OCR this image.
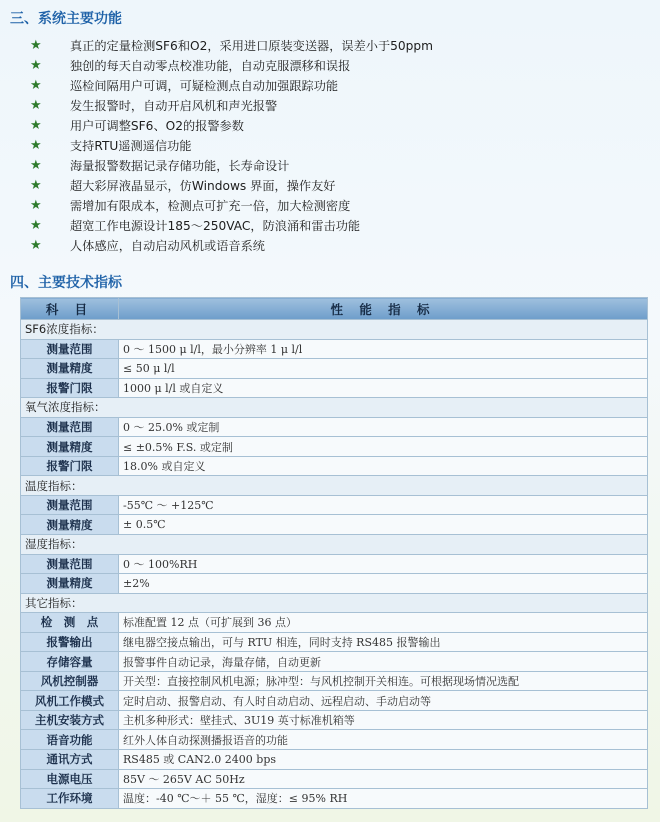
三、系统主要功能
★	真正的定量检测SF6和O2，采用进口原装变送器，误差小于50ppm
★	独创的每天自动零点校准功能，自动克服漂移和误报
★	巡检间隔用户可调，可疑检测点自动加强跟踪功能
★	发生报警时，自动开启风机和声光报警
★	用户可调整SF6、O2的报警参数
★	支持RTU遥测遥信功能
★	海量报警数据记录存储功能，长寿命设计
★	超大彩屏液晶显示，仿Windows 界面，操作友好
★	需增加有限成本，检测点可扩充一倍，加大检测密度
★	超宽工作电源设计185～250VAC，防浪涌和雷击功能
★	人体感应，自动启动风机或语音系统
四、主要技术指标
科 目	性 能 指 标
SF6浓度指标：	
测量范围	0 ～ 1500 μ l/l，最小分辨率 1 μ l/l
测量精度	≤ 50 μ l/l
报警门限	1000 μ l/l 或自定义
氧气浓度指标：	
测量范围	0 ～ 25.0% 或定制
测量精度	≤ ±0.5% F.S. 或定制
报警门限	18.0% 或自定义
温度指标：	
测量范围	-55℃ ～ +125℃
测量精度	± 0.5℃
湿度指标：	
测量范围	0 ～ 100%RH
测量精度	±2%
其它指标：	
检　测　点	标准配置 12 点（可扩展到 36 点）
报警输出	继电器空接点输出，可与 RTU 相连，同时支持 RS485 报警输出
存储容量	报警事件自动记录，海量存储，自动更新
风机控制器	开关型：直接控制风机电源；脉冲型：与风机控制开关相连。可根据现场情况选配
风机工作模式	定时启动、报警启动、有人时自动启动、远程启动、手动启动等
主机安装方式	主机多种形式：壁挂式、3U19 英寸标准机箱等
语音功能	红外人体自动探测播报语音的功能
通讯方式	RS485 或 CAN2.0 2400 bps
电源电压	85V ～ 265V AC 50Hz
工作环境	温度：-40 ℃～＋ 55 ℃，湿度：≤ 95% RH
